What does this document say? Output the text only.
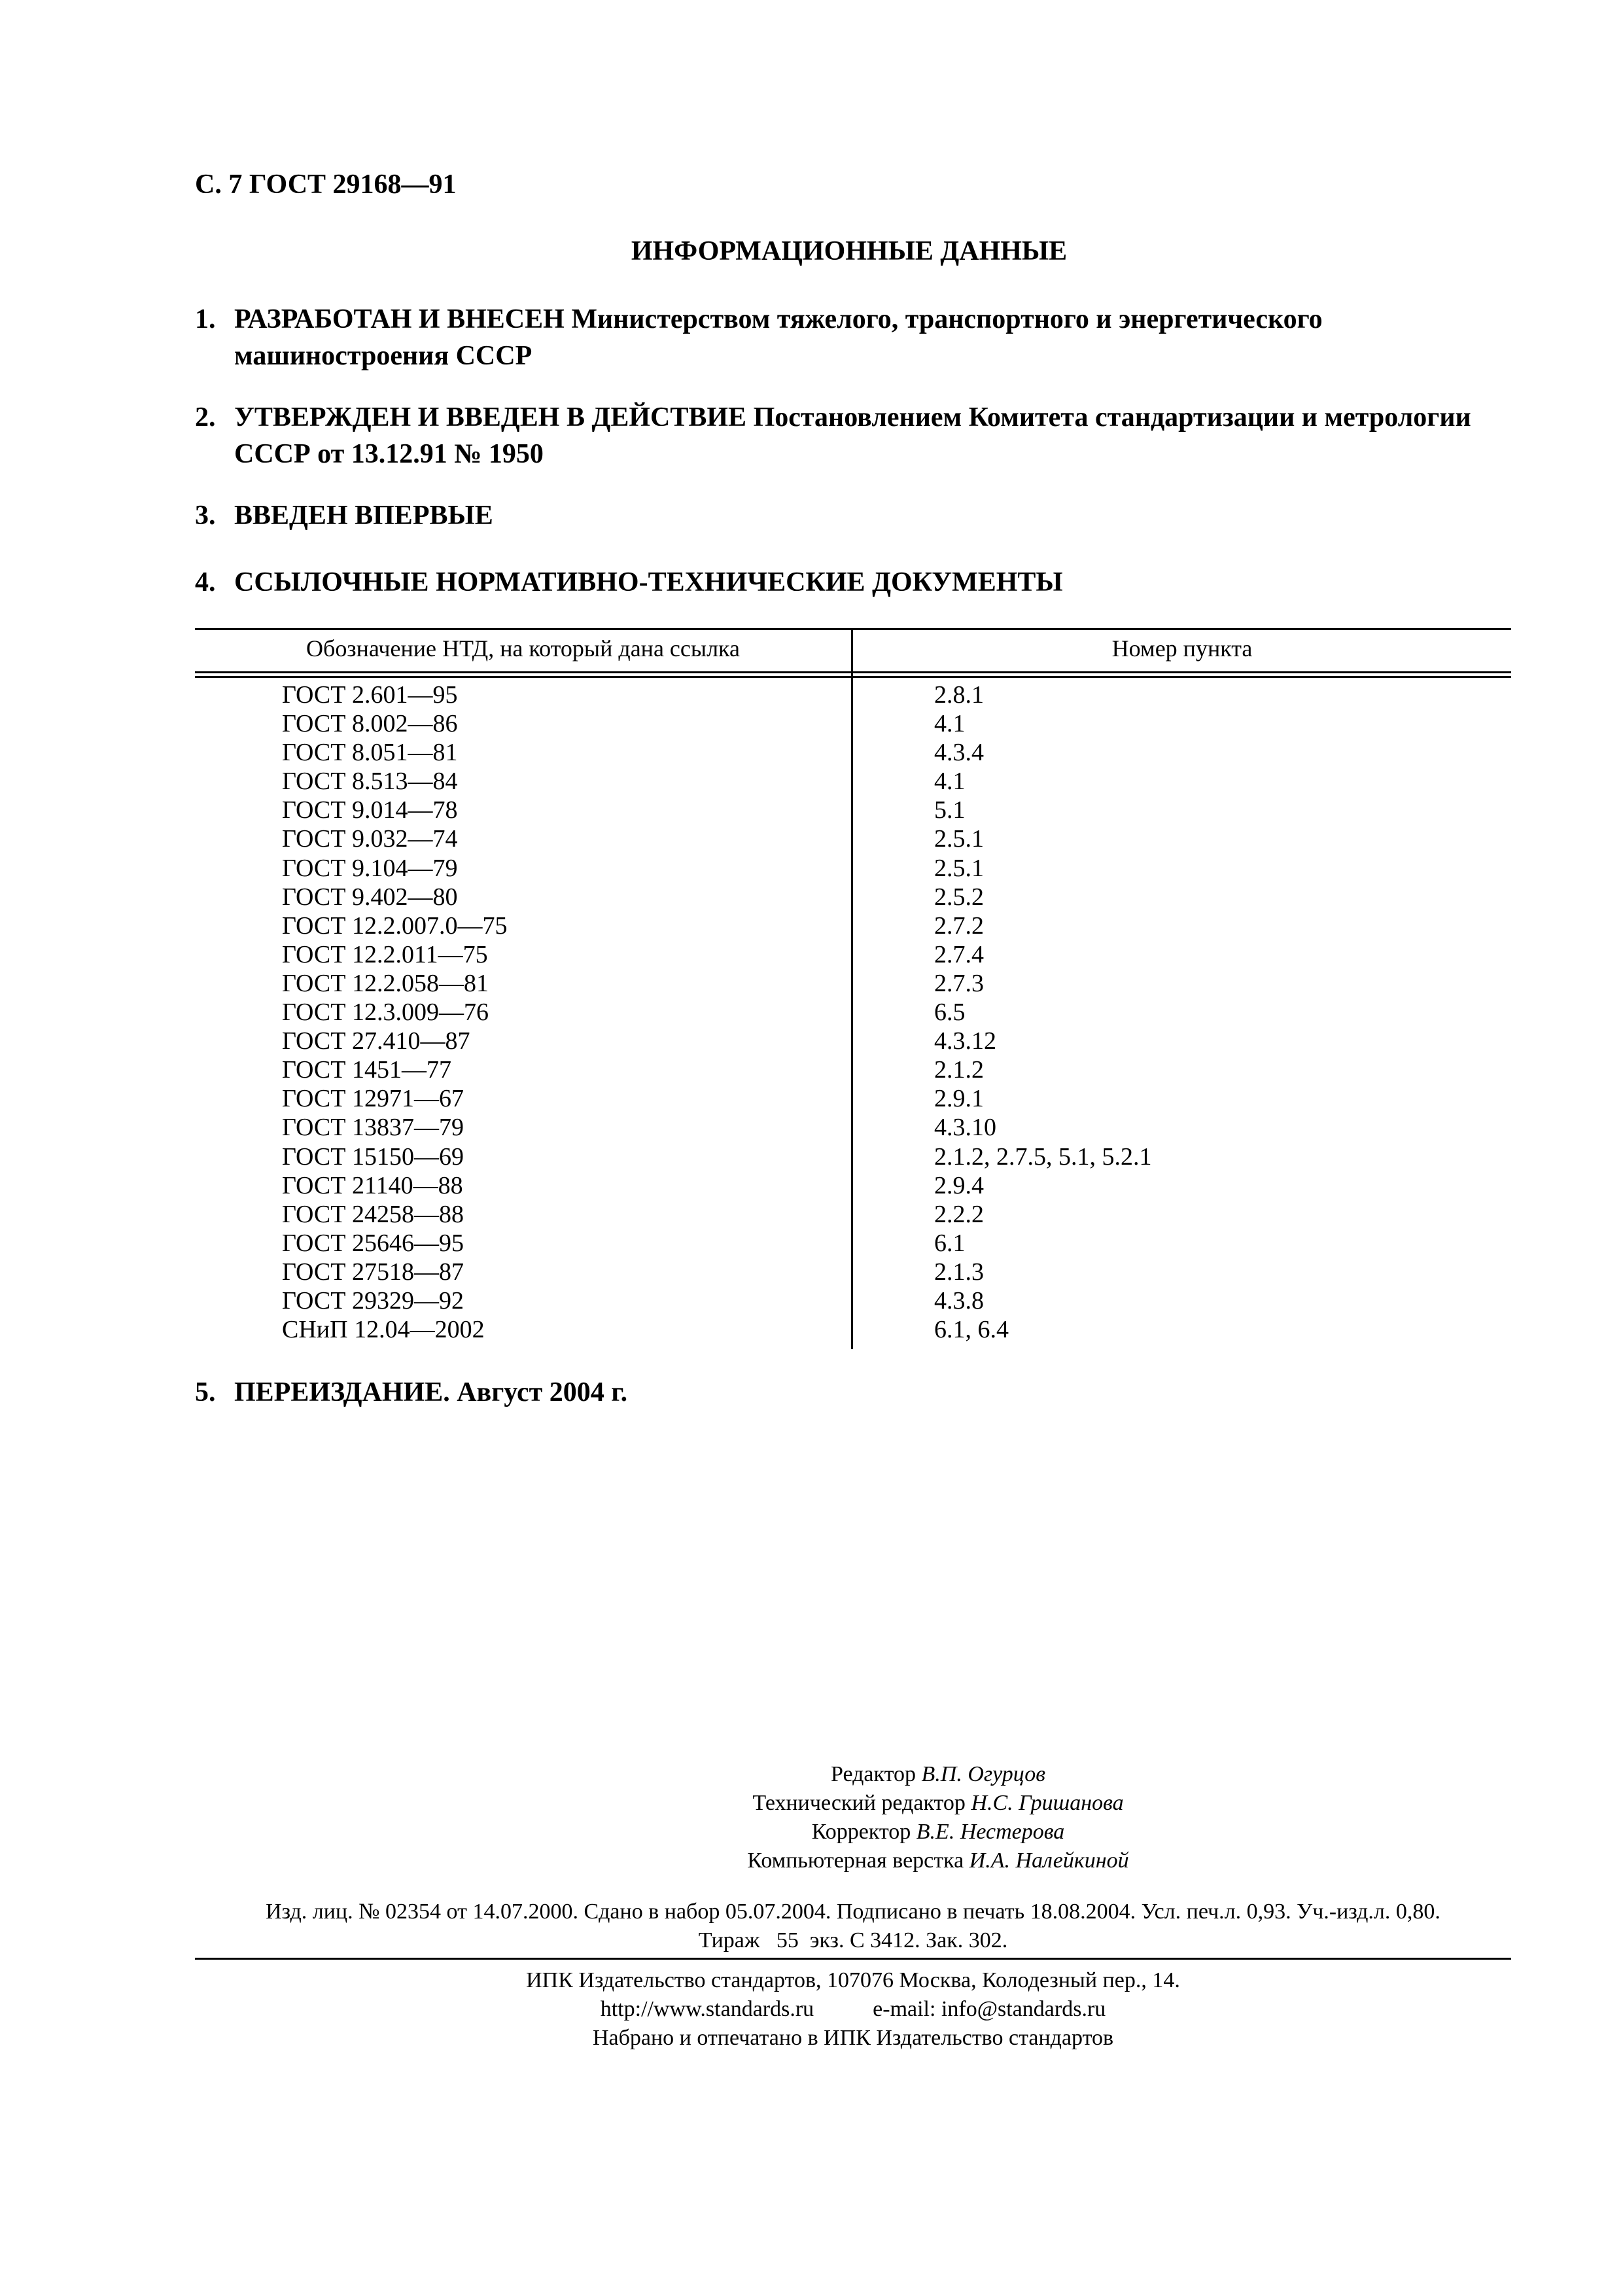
С. 7 ГОСТ 29168—91
ИНФОРМАЦИОННЫЕ ДАННЫЕ
1. РАЗРАБОТАН И ВНЕСЕН Министерством тяжелого, транспортного и энергетического машиностроения СССР
2. УТВЕРЖДЕН И ВВЕДЕН В ДЕЙСТВИЕ Постановлением Комитета стандартизации и метрологии СССР от 13.12.91 № 1950
3. ВВЕДЕН ВПЕРВЫЕ
4. ССЫЛОЧНЫЕ НОРМАТИВНО-ТЕХНИЧЕСКИЕ ДОКУМЕНТЫ
Обозначение НТД, на который дана ссылка	Номер пункта
ГОСТ 2.601—95	2.8.1
ГОСТ 8.002—86	4.1
ГОСТ 8.051—81	4.3.4
ГОСТ 8.513—84	4.1
ГОСТ 9.014—78	5.1
ГОСТ 9.032—74	2.5.1
ГОСТ 9.104—79	2.5.1
ГОСТ 9.402—80	2.5.2
ГОСТ 12.2.007.0—75	2.7.2
ГОСТ 12.2.011—75	2.7.4
ГОСТ 12.2.058—81	2.7.3
ГОСТ 12.3.009—76	6.5
ГОСТ 27.410—87	4.3.12
ГОСТ 1451—77	2.1.2
ГОСТ 12971—67	2.9.1
ГОСТ 13837—79	4.3.10
ГОСТ 15150—69	2.1.2, 2.7.5, 5.1, 5.2.1
ГОСТ 21140—88	2.9.4
ГОСТ 24258—88	2.2.2
ГОСТ 25646—95	6.1
ГОСТ 27518—87	2.1.3
ГОСТ 29329—92	4.3.8
СНиП 12.04—2002	6.1, 6.4
5. ПЕРЕИЗДАНИЕ. Август 2004 г.
Редактор В.П. Огурцов
Технический редактор Н.С. Гришанова
Корректор В.Е. Нестерова
Компьютерная верстка И.А. Налейкиной
Изд. лиц. № 02354 от 14.07.2000. Сдано в набор 05.07.2004. Подписано в печать 18.08.2004. Усл. печ.л. 0,93. Уч.-изд.л. 0,80.
Тираж   55  экз. С 3412. Зак. 302.
ИПК Издательство стандартов, 107076 Москва, Колодезный пер., 14.
http://www.standards.ru	e-mail: info@standards.ru
Набрано и отпечатано в ИПК Издательство стандартов
